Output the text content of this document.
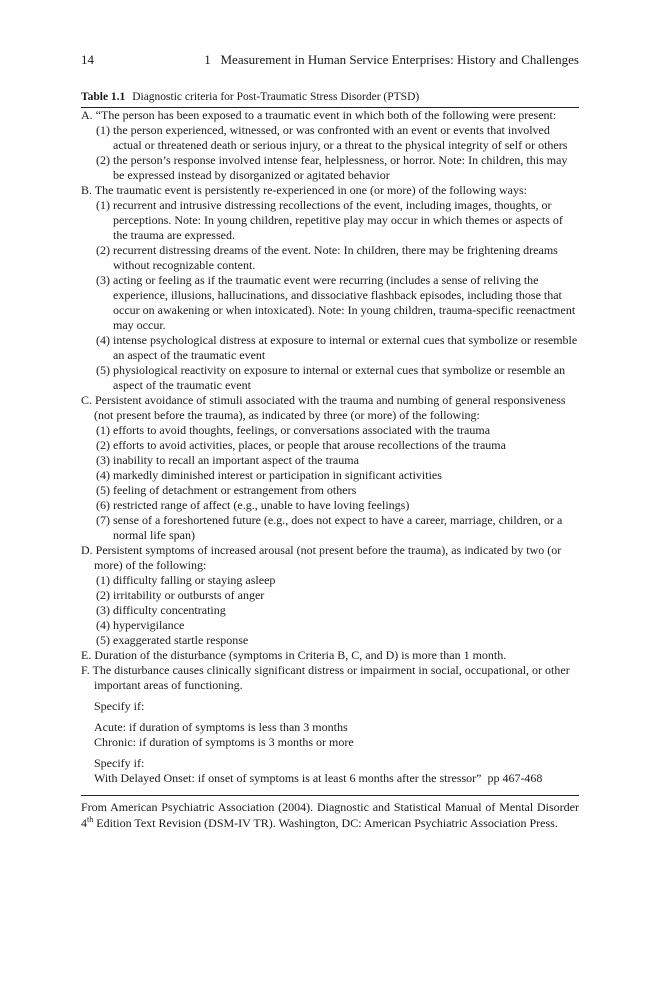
14	1   Measurement in Human Service Enterprises: History and Challenges
Table 1.1 Diagnostic criteria for Post-Traumatic Stress Disorder (PTSD)

A. “The person has been exposed to a traumatic event in which both of the following were present:

(1) the person experienced, witnessed, or was confronted with an event or events that involved actual or threatened death or serious injury, or a threat to the physical integrity of self or others

(2) the person’s response involved intense fear, helplessness, or horror. Note: In children, this may be expressed instead by disorganized or agitated behavior

B. The traumatic event is persistently re-experienced in one (or more) of the following ways:

(1) recurrent and intrusive distressing recollections of the event, including images, thoughts, or perceptions. Note: In young children, repetitive play may occur in which themes or aspects of the trauma are expressed.

(2) recurrent distressing dreams of the event. Note: In children, there may be frightening dreams without recognizable content.

(3) acting or feeling as if the traumatic event were recurring (includes a sense of reliving the experience, illusions, hallucinations, and dissociative flashback episodes, including those that occur on awakening or when intoxicated). Note: In young children, trauma-specific reenactment may occur.

(4) intense psychological distress at exposure to internal or external cues that symbolize or resemble an aspect of the traumatic event

(5) physiological reactivity on exposure to internal or external cues that symbolize or resemble an aspect of the traumatic event

C. Persistent avoidance of stimuli associated with the trauma and numbing of general responsiveness (not present before the trauma), as indicated by three (or more) of the following:

(1) efforts to avoid thoughts, feelings, or conversations associated with the trauma

(2) efforts to avoid activities, places, or people that arouse recollections of the trauma

(3) inability to recall an important aspect of the trauma

(4) markedly diminished interest or participation in significant activities

(5) feeling of detachment or estrangement from others

(6) restricted range of affect (e.g., unable to have loving feelings)

(7) sense of a foreshortened future (e.g., does not expect to have a career, marriage, children, or a normal life span)

D. Persistent symptoms of increased arousal (not present before the trauma), as indicated by two (or more) of the following:

(1) difficulty falling or staying asleep

(2) irritability or outbursts of anger

(3) difficulty concentrating

(4) hypervigilance

(5) exaggerated startle response

E. Duration of the disturbance (symptoms in Criteria B, C, and D) is more than 1 month.

F. The disturbance causes clinically significant distress or impairment in social, occupational, or other important areas of functioning.

Specify if:

Acute: if duration of symptoms is less than 3 months

Chronic: if duration of symptoms is 3 months or more

Specify if:

With Delayed Onset: if onset of symptoms is at least 6 months after the stressor”  pp 467-468

From American Psychiatric Association (2004). Diagnostic and Statistical Manual of Mental Disorder 4th Edition Text Revision (DSM-IV TR). Washington, DC: American Psychiatric Association Press.
